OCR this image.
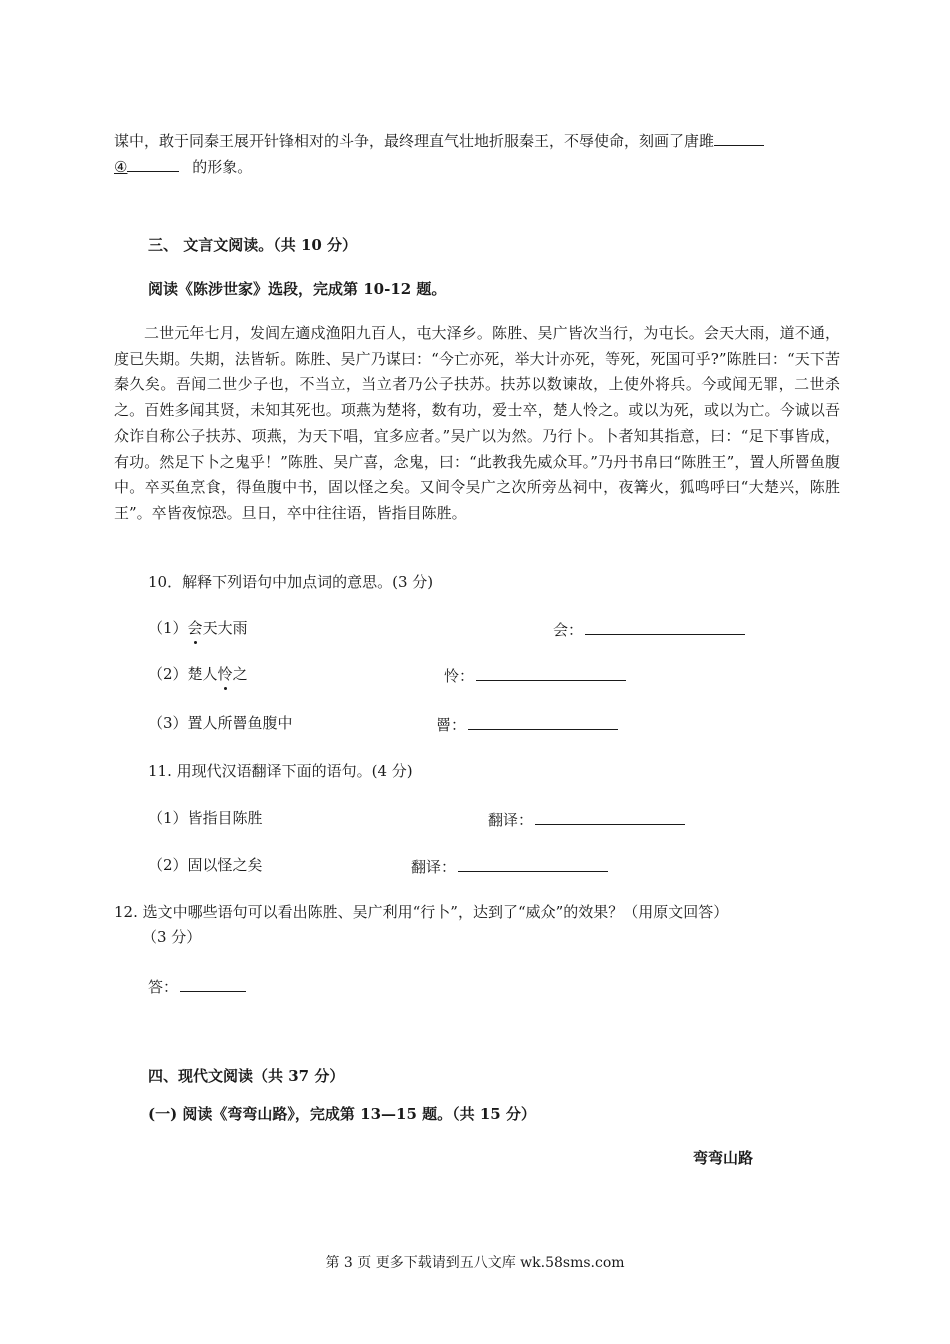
谋中，敢于同秦王展开针锋相对的斗争，最终理直气壮地折服秦王，不辱使命，刻画了唐雎
④	的形象。
三、 文言文阅读。（共 10 分）
阅读《陈涉世家》选段，完成第 10-12 题。

二世元年七月，发闾左適戍渔阳九百人，屯大泽乡。陈胜、吴广皆次当行，为屯长。会天大雨，道不通，度已失期。失期，法皆斩。陈胜、吴广乃谋曰：“今亡亦死，举大计亦死，等死，死国可乎?”陈胜曰：“天下苦秦久矣。吾闻二世少子也，不当立，当立者乃公子扶苏。扶苏以数谏故，上使外将兵。今或闻无罪，二世杀之。百姓多闻其贤，未知其死也。项燕为楚将，数有功，爱士卒，楚人怜之。或以为死，或以为亡。今诚以吾众诈自称公子扶苏、项燕，为天下唱，宜多应者。”吴广以为然。乃行卜。卜者知其指意，曰：“足下事皆成，有功。然足下卜之鬼乎！”陈胜、吴广喜，念鬼，曰：“此教我先威众耳。”乃丹书帛曰“陈胜王”，置人所罾鱼腹中。卒买鱼烹食，得鱼腹中书，固以怪之矣。又间令吴广之次所旁丛祠中，夜篝火，狐鸣呼曰“大楚兴，陈胜王”。卒皆夜惊恐。旦日，卒中往往语，皆指目陈胜。

10．解释下列语句中加点词的意思。(3 分)
（1）会天大雨	会：
（2）楚人怜之	怜：
（3）置人所罾鱼腹中	罾：
11. 用现代汉语翻译下面的语句。(4 分)
（1）皆指目陈胜	翻译：
（2）固以怪之矣	翻译：
12. 选文中哪些语句可以看出陈胜、吴广利用“行卜”，达到了“威众”的效果？（用原文回答）
（3 分）
答：
四、现代文阅读（共 37 分）
(一) 阅读《弯弯山路》，完成第 13—15 题。（共 15 分）
弯弯山路
第 3 页 更多下载请到五八文库 wk.58sms.com
